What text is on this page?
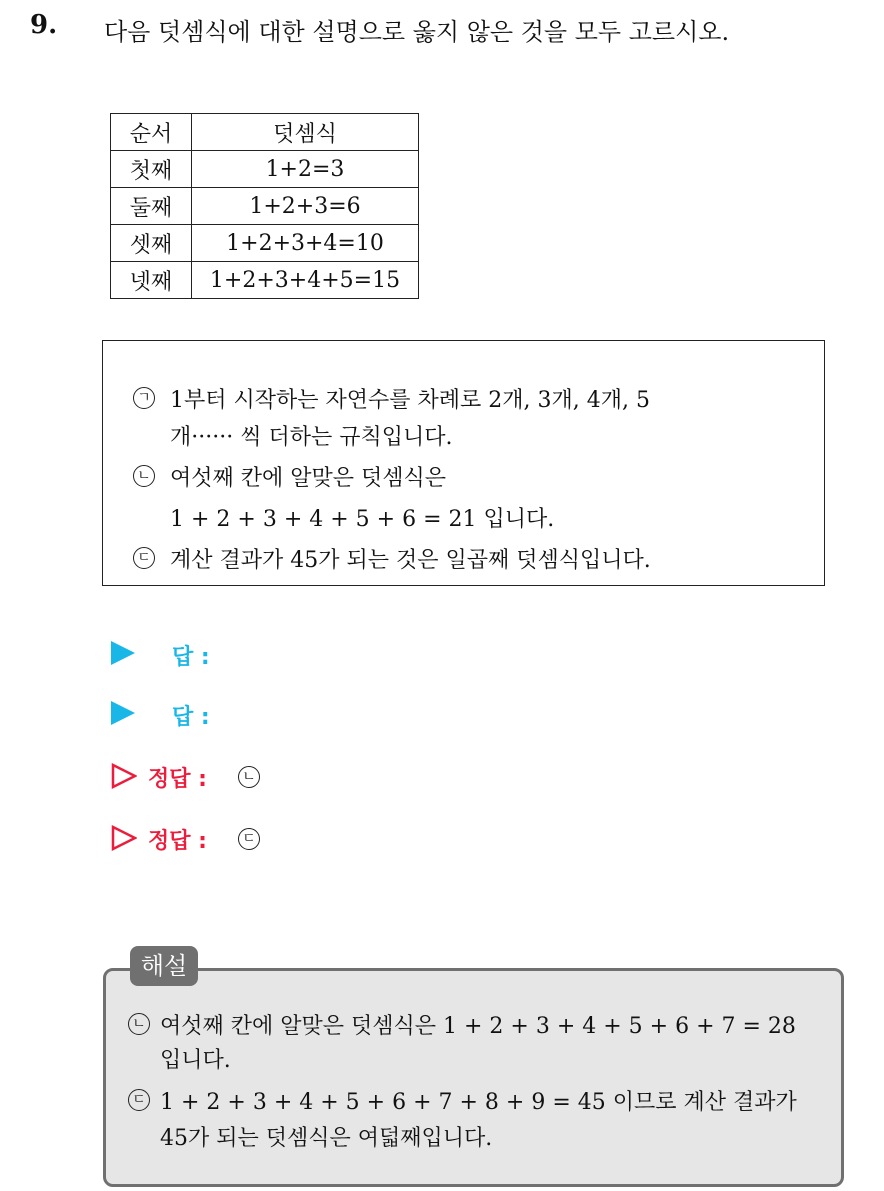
9. 다음 덧셈식에 대한 설명으로 옳지 않은 것을 모두 고르시오.
순서	덧셈식
첫째	1+2=3
둘째	1+2+3=6
셋째	1+2+3+4=10
넷째	1+2+3+4+5=15
ㄱ 1부터 시작하는 자연수를 차례로 2개, 3개, 4개, 5
개······ 씩 더하는 규칙입니다.
ㄴ 여섯째 칸에 알맞은 덧셈식은
1 + 2 + 3 + 4 + 5 + 6 = 21 입니다.
ㄷ 계산 결과가 45가 되는 것은 일곱째 덧셈식입니다.
답 :
답 :
정답 :	ㄴ
정답 :	ㄷ
해설
ㄴ 여섯째 칸에 알맞은 덧셈식은 1 + 2 + 3 + 4 + 5 + 6 + 7 = 28
입니다.
ㄷ 1 + 2 + 3 + 4 + 5 + 6 + 7 + 8 + 9 = 45 이므로 계산 결과가
45가 되는 덧셈식은 여덟째입니다.
